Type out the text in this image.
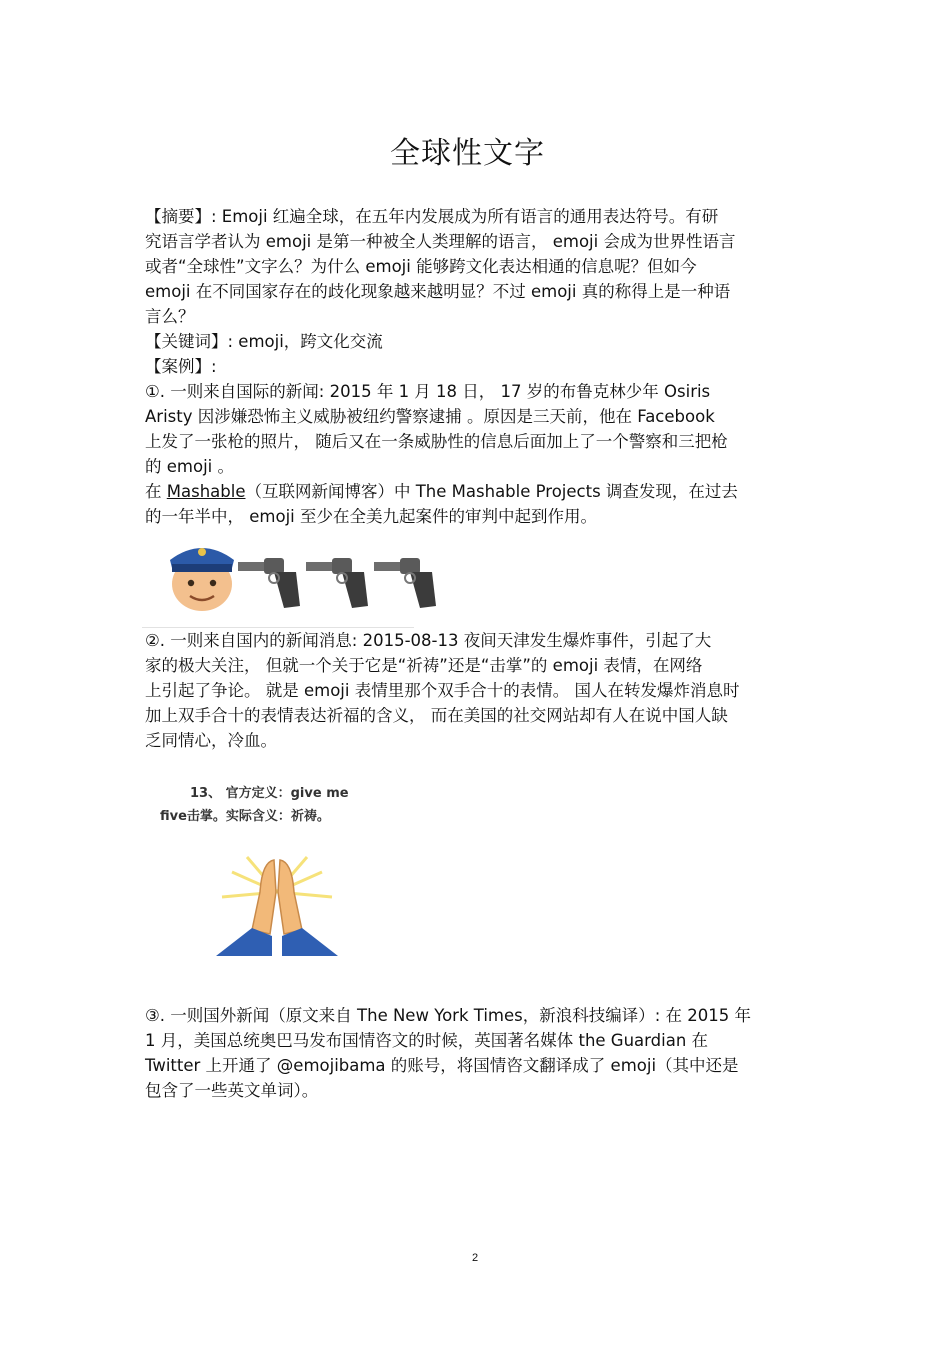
全球性文字
【摘要】: Emoji 红遍全球，在五年内发展成为所有语言的通用表达符号。有研
究语言学者认为 emoji 是第一种被全人类理解的语言， emoji 会成为世界性语言
或者“全球性”文字么？为什么 emoji 能够跨文化表达相通的信息呢？但如今
emoji 在不同国家存在的歧化现象越来越明显？不过 emoji 真的称得上是一种语
言么？
【关键词】: emoji，跨文化交流
【案例】:
①. 一则来自国际的新闻: 2015 年 1 月 18 日， 17 岁的布鲁克林少年 Osiris
Aristy 因涉嫌恐怖主义威胁被纽约警察逮捕 。原因是三天前，他在 Facebook
上发了一张枪的照片， 随后又在一条威胁性的信息后面加上了一个警察和三把枪
的 emoji 。
在 Mashable（互联网新闻博客）中 The Mashable Projects 调查发现，在过去
的一年半中， emoji 至少在全美九起案件的审判中起到作用。
②. 一则来自国内的新闻消息: 2015-08-13 夜间天津发生爆炸事件，引起了大
家的极大关注， 但就一个关于它是“祈祷”还是“击掌”的 emoji 表情，在网络
上引起了争论。 就是 emoji 表情里那个双手合十的表情。 国人在转发爆炸消息时
加上双手合十的表情表达祈福的含义， 而在美国的社交网站却有人在说中国人缺
乏同情心，冷血。
13、 官方定义：give me
five击掌。实际含义：祈祷。
③. 一则国外新闻（原文来自 The New York Times，新浪科技编译）: 在 2015 年
1 月，美国总统奥巴马发布国情咨文的时候，英国著名媒体 the Guardian 在
Twitter 上开通了 @emojibama 的账号，将国情咨文翻译成了 emoji（其中还是
包含了一些英文单词）。
2
